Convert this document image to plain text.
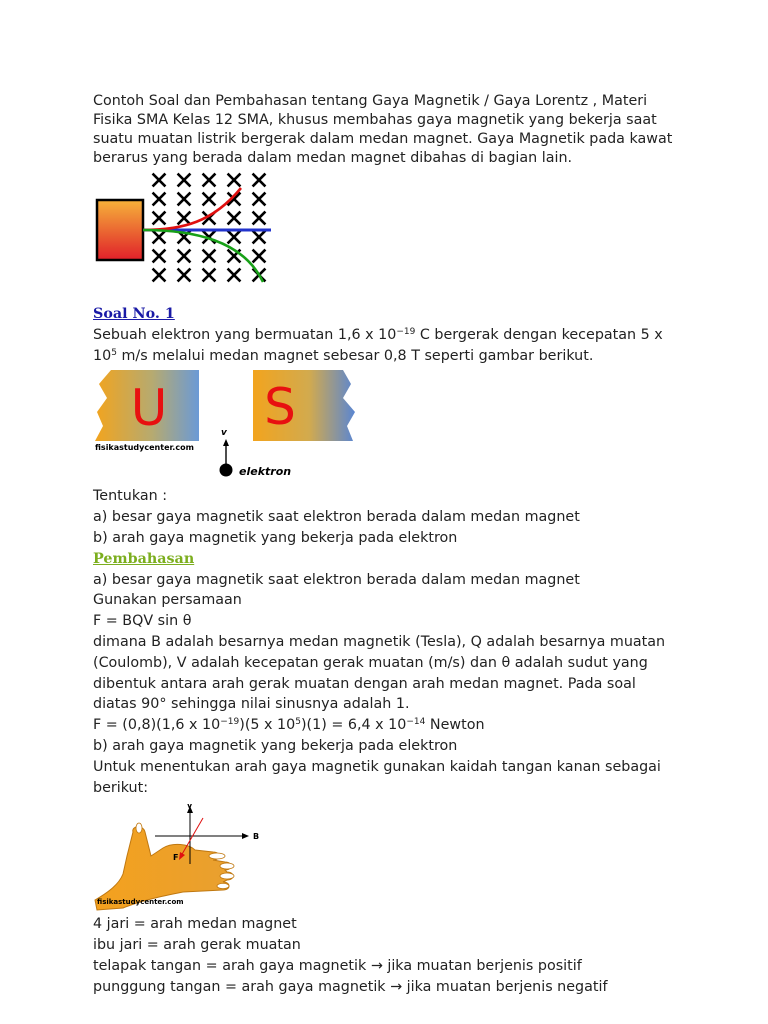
Contoh Soal dan Pembahasan tentang Gaya Magnetik / Gaya Lorentz , Materi
Fisika SMA Kelas 12 SMA, khusus membahas gaya magnetik yang bekerja saat
suatu muatan listrik bergerak dalam medan magnet. Gaya Magnetik pada kawat
berarus yang berada dalam medan magnet dibahas di bagian lain.
Soal No. 1
Sebuah elektron yang bermuatan 1,6 x $10^{-19}$ C bergerak dengan kecepatan 5 x
$10^5$ m/s melalui medan magnet sebesar 0,8 T seperti gambar berikut.
U S
fisikastudycenter.com
v
elektron
Tentukan :
a) besar gaya magnetik saat elektron berada dalam medan magnet
b) arah gaya magnetik yang bekerja pada elektron
Pembahasan
a) besar gaya magnetik saat elektron berada dalam medan magnet
Gunakan persamaan
F = BQV sin θ
dimana B adalah besarnya medan magnetik (Tesla), Q adalah besarnya muatan
(Coulomb), V adalah kecepatan gerak muatan (m/s) dan θ adalah sudut yang
dibentuk antara arah gerak muatan dengan arah medan magnet. Pada soal
diatas 90° sehingga nilai sinusnya adalah 1.
F = (0,8)(1,6 x $10^{-19})(5$ x $10^5)(1) = 6,4$ x $10^{-14}$ Newton
b) arah gaya magnetik yang bekerja pada elektron
Untuk menentukan arah gaya magnetik gunakan kaidah tangan kanan sebagai
berikut:
v
B
F
fisikastudycenter.com
4 jari = arah medan magnet
ibu jari = arah gerak muatan
telapak tangan = arah gaya magnetik → jika muatan berjenis positif
punggung tangan = arah gaya magnetik → jika muatan berjenis negatif
